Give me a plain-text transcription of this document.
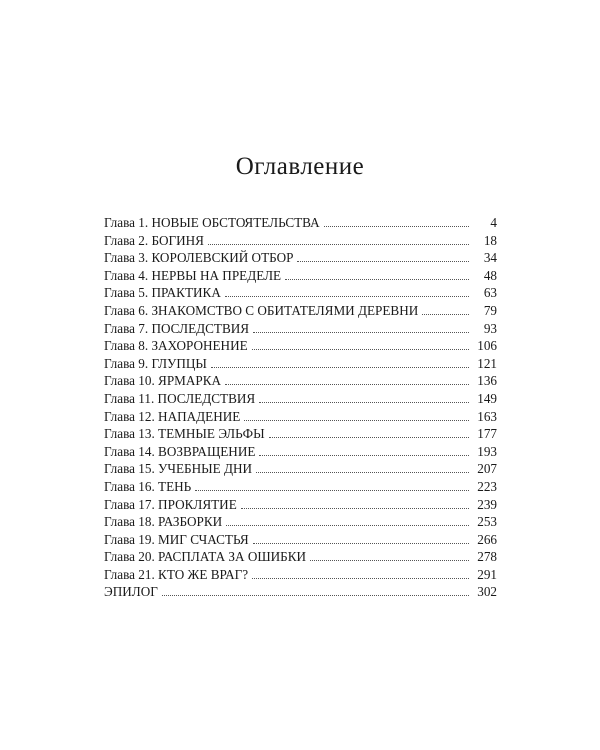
Оглавление
Глава 1. НОВЫЕ ОБСТОЯТЕЛЬСТВА	4
Глава 2. БОГИНЯ	18
Глава 3. КОРОЛЕВСКИЙ ОТБОР	34
Глава 4. НЕРВЫ НА ПРЕДЕЛЕ	48
Глава 5. ПРАКТИКА	63
Глава 6. ЗНАКОМСТВО С ОБИТАТЕЛЯМИ ДЕРЕВНИ	79
Глава 7. ПОСЛЕДСТВИЯ	93
Глава 8. ЗАХОРОНЕНИЕ	106
Глава 9. ГЛУПЦЫ	121
Глава 10. ЯРМАРКА	136
Глава 11. ПОСЛЕДСТВИЯ	149
Глава 12. НАПАДЕНИЕ	163
Глава 13. ТЕМНЫЕ ЭЛЬФЫ	177
Глава 14. ВОЗВРАЩЕНИЕ	193
Глава 15. УЧЕБНЫЕ ДНИ	207
Глава 16. ТЕНЬ	223
Глава 17. ПРОКЛЯТИЕ	239
Глава 18. РАЗБОРКИ	253
Глава 19. МИГ СЧАСТЬЯ	266
Глава 20. РАСПЛАТА ЗА ОШИБКИ	278
Глава 21. КТО ЖЕ ВРАГ?	291
ЭПИЛОГ	302
